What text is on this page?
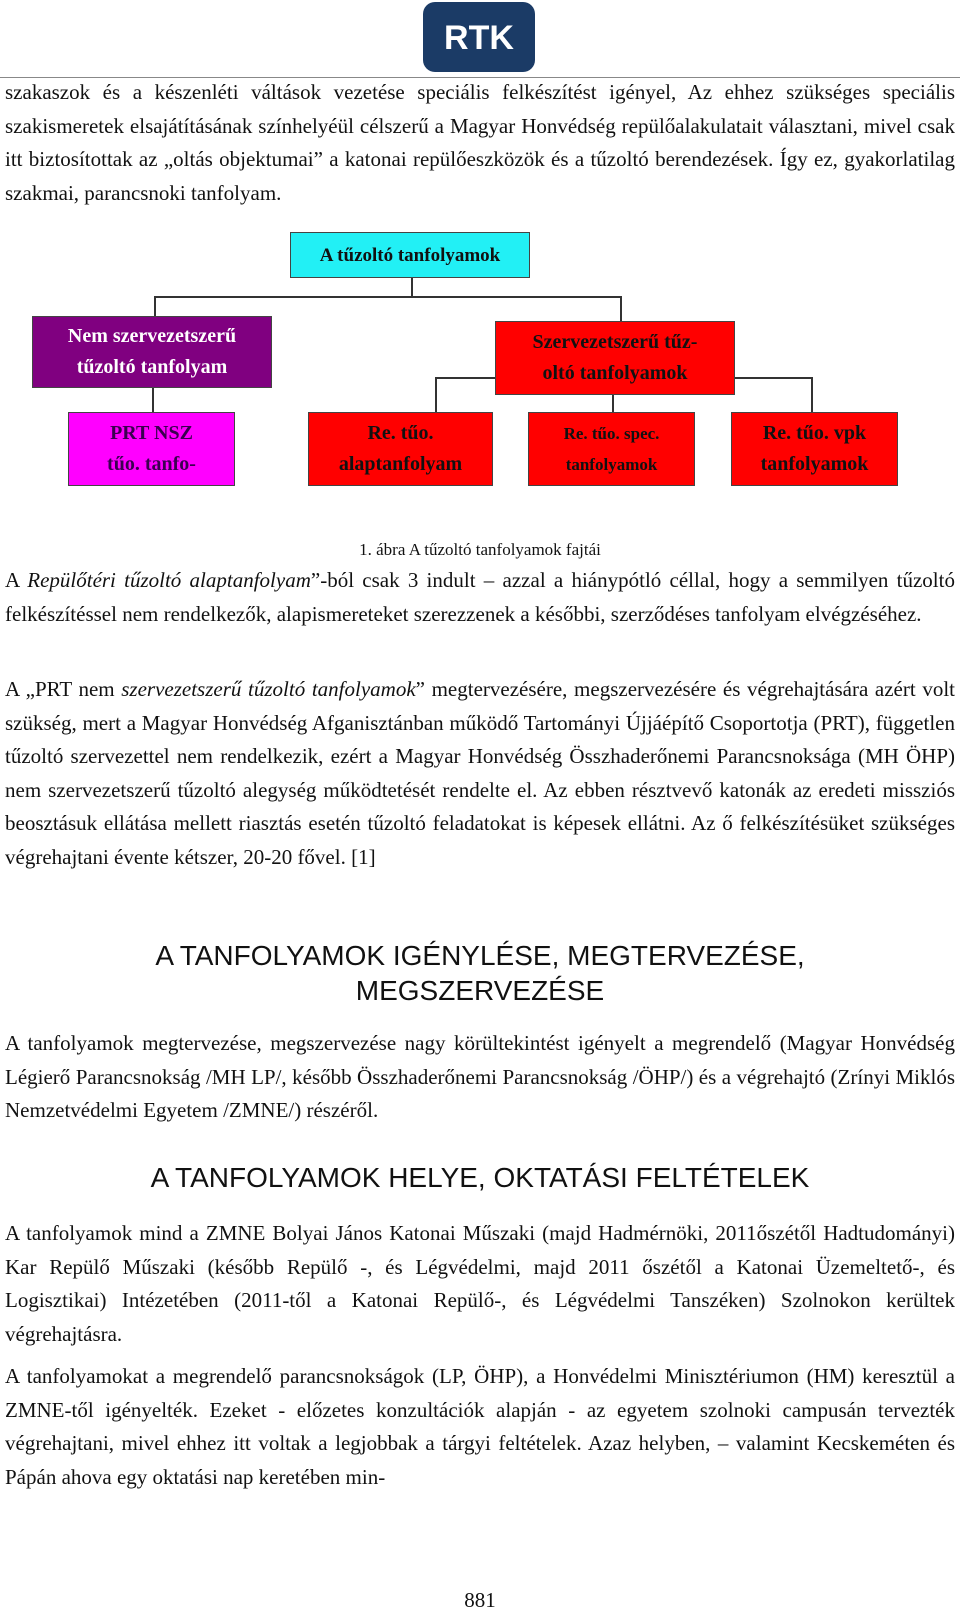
RTK

szakaszok és a készenléti váltások vezetése speciális felkészítést igényel, Az ehhez szükséges speciális szakismeretek elsajátításának színhelyéül célszerű a Magyar Honvédség repülőalakulatait választani, mivel csak itt biztosítottak az „oltás objektumai” a katonai repülőeszközök és a tűzoltó berendezések. Így ez, gyakorlatilag szakmai, parancsnoki tanfolyam.

A tűzoltó tanfolyamok
Nem szervezetszerű
tűzoltó tanfolyam
Szervezetszerű tűz-
oltó tanfolyamok
PRT NSZ
tűo. tanfo-
Re. tűo.
alaptanfolyam
Re. tűo. spec.
tanfolyamok
Re. tűo. vpk
tanfolyamok
1. ábra A tűzoltó tanfolyamok fajtái

A Repülőtéri tűzoltó alaptanfolyam”-ból csak 3 indult – azzal a hiánypótló céllal, hogy a semmilyen tűzoltó felkészítéssel nem rendelkezők, alapismereteket szerezzenek a későbbi, szerződéses tanfolyam elvégzéséhez.

A „PRT nem szervezetszerű tűzoltó tanfolyamok” megtervezésére, megszervezésére és végrehajtására azért volt szükség, mert a Magyar Honvédség Afganisztánban működő Tartományi Újjáépítő Csoportotja (PRT), független tűzoltó szervezettel nem rendelkezik, ezért a Magyar Honvédség Összhaderőnemi Parancsnoksága (MH ÖHP) nem szervezetszerű tűzoltó alegység működtetését rendelte el. Az ebben résztvevő katonák az eredeti missziós beosztásuk ellátása mellett riasztás esetén tűzoltó feladatokat is képesek ellátni. Az ő felkészítésüket szükséges végrehajtani évente kétszer, 20-20 fővel. [1]

A TANFOLYAMOK IGÉNYLÉSE, MEGTERVEZÉSE,
MEGSZERVEZÉSE

A tanfolyamok megtervezése, megszervezése nagy körültekintést igényelt a megrendelő (Magyar Honvédség Légierő Parancsnokság /MH LP/, később Összhaderőnemi Parancsnokság /ÖHP/) és a végrehajtó (Zrínyi Miklós Nemzetvédelmi Egyetem /ZMNE/) részéről.

A TANFOLYAMOK HELYE, OKTATÁSI FELTÉTELEK

A tanfolyamok mind a ZMNE Bolyai János Katonai Műszaki (majd Hadmérnöki, 2011őszétől Hadtudományi) Kar Repülő Műszaki (később Repülő -, és Légvédelmi, majd 2011 őszétől a Katonai Üzemeltető-, és Logisztikai) Intézetében (2011-től a Katonai Repülő-, és Légvédelmi Tanszéken) Szolnokon kerültek végrehajtásra.

A tanfolyamokat a megrendelő parancsnokságok (LP, ÖHP), a Honvédelmi Minisztériumon (HM) keresztül a ZMNE-től igényelték. Ezeket - előzetes konzultációk alapján - az egyetem szolnoki campusán tervezték végrehajtani, mivel ehhez itt voltak a legjobbak a tárgyi feltételek. Azaz helyben, – valamint Kecskeméten és Pápán ahova egy oktatási nap keretében min-

881
